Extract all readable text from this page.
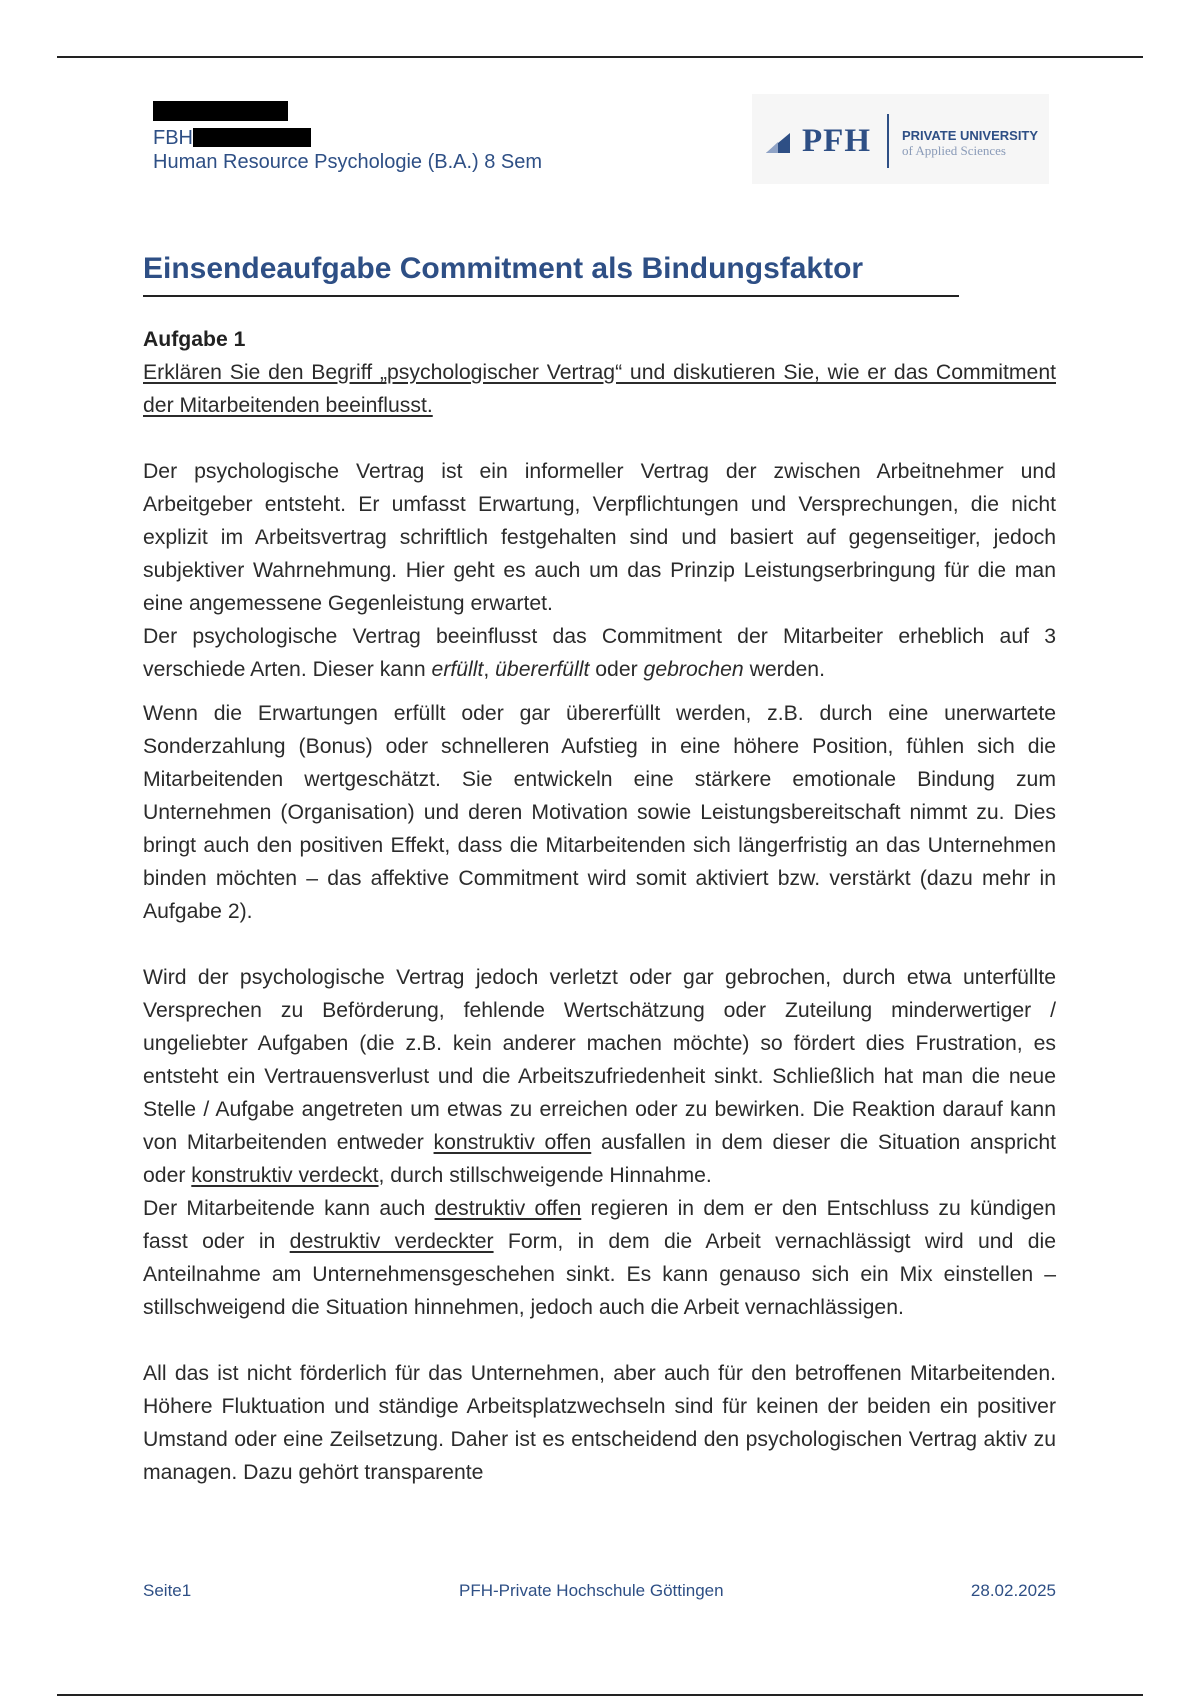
FBH
Human Resource Psychologie (B.A.) 8 Sem
PFH PRIVATE UNIVERSITY
of Applied Sciences
Einsendeaufgabe Commitment als Bindungsfaktor

Aufgabe 1

Erklären Sie den Begriff „psychologischer Vertrag“ und diskutieren Sie, wie er das Commitment der Mitarbeitenden beeinflusst.

Der psychologische Vertrag ist ein informeller Vertrag der zwischen Arbeitnehmer und Arbeitgeber entsteht. Er umfasst Erwartung, Verpflichtungen und Versprechungen, die nicht explizit im Arbeitsvertrag schriftlich festgehalten sind und basiert auf gegenseitiger, jedoch subjektiver Wahrnehmung. Hier geht es auch um das Prinzip Leistungserbringung für die man eine angemessene Gegenleistung erwartet.

Der psychologische Vertrag beeinflusst das Commitment der Mitarbeiter erheblich auf 3 verschiede Arten. Dieser kann erfüllt, übererfüllt oder gebrochen werden.

Wenn die Erwartungen erfüllt oder gar übererfüllt werden, z.B. durch eine unerwartete Sonderzahlung (Bonus) oder schnelleren Aufstieg in eine höhere Position, fühlen sich die Mitarbeitenden wertgeschätzt. Sie entwickeln eine stärkere emotionale Bindung zum Unternehmen (Organisation) und deren Motivation sowie Leistungsbereitschaft nimmt zu. Dies bringt auch den positiven Effekt, dass die Mitarbeitenden sich längerfristig an das Unternehmen binden möchten – das affektive Commitment wird somit aktiviert bzw. verstärkt (dazu mehr in Aufgabe 2).

Wird der psychologische Vertrag jedoch verletzt oder gar gebrochen, durch etwa unterfüllte Versprechen zu Beförderung, fehlende Wertschätzung oder Zuteilung minderwertiger / ungeliebter Aufgaben (die z.B. kein anderer machen möchte) so fördert dies Frustration, es entsteht ein Vertrauensverlust und die Arbeitszufriedenheit sinkt. Schließlich hat man die neue Stelle / Aufgabe angetreten um etwas zu erreichen oder zu bewirken. Die Reaktion darauf kann von Mitarbeitenden entweder konstruktiv offen ausfallen in dem dieser die Situation anspricht oder konstruktiv verdeckt, durch stillschweigende Hinnahme.

Der Mitarbeitende kann auch destruktiv offen regieren in dem er den Entschluss zu kündigen fasst oder in destruktiv verdeckter Form, in dem die Arbeit vernachlässigt wird und die Anteilnahme am Unternehmensgeschehen sinkt. Es kann genauso sich ein Mix einstellen – stillschweigend die Situation hinnehmen, jedoch auch die Arbeit vernachlässigen.

All das ist nicht förderlich für das Unternehmen, aber auch für den betroffenen Mitarbeitenden. Höhere Fluktuation und ständige Arbeitsplatzwechseln sind für keinen der beiden ein positiver Umstand oder eine Zeilsetzung. Daher ist es entscheidend den psychologischen Vertrag aktiv zu managen. Dazu gehört transparente

Seite1	PFH-Private Hochschule Göttingen	28.02.2025
